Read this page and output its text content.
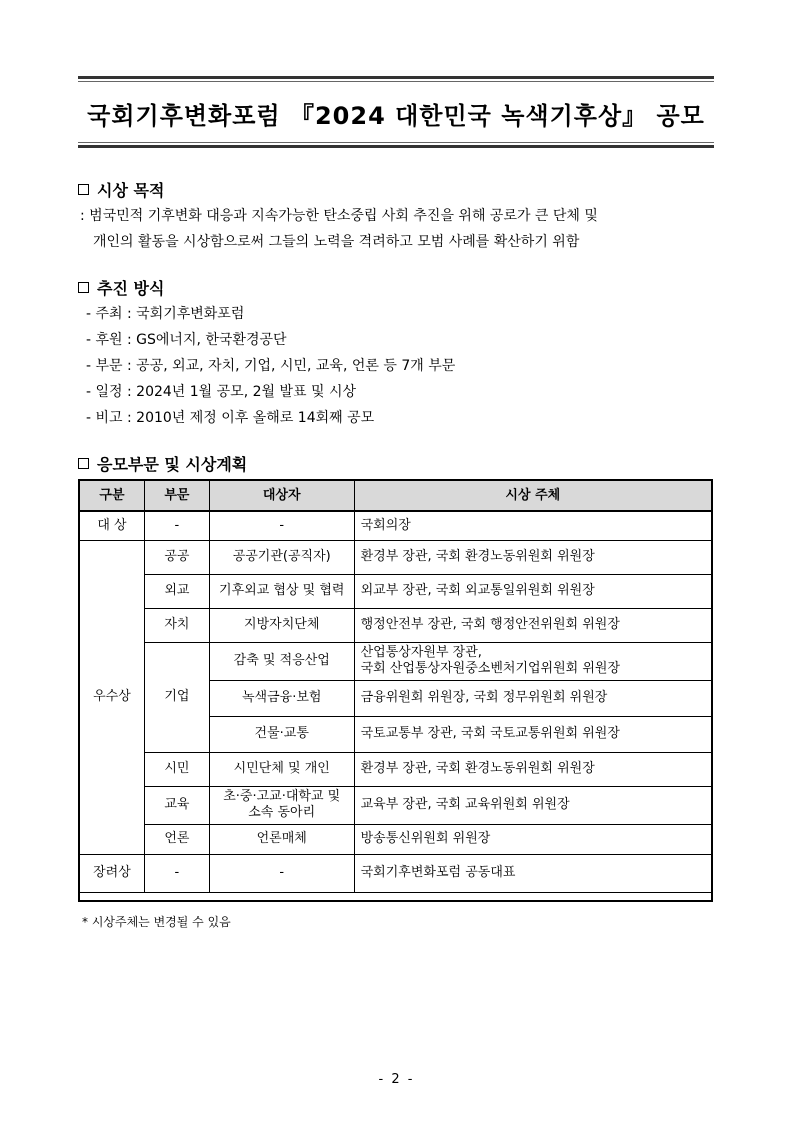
국회기후변화포럼 『2024 대한민국 녹색기후상』 공모
시상 목적
: 범국민적 기후변화 대응과 지속가능한 탄소중립 사회 추진을 위해 공로가 큰 단체 및
개인의 활동을 시상함으로써 그들의 노력을 격려하고 모범 사례를 확산하기 위함
추진 방식
- 주최 : 국회기후변화포럼
- 후원 : GS에너지, 한국환경공단
- 부문 : 공공, 외교, 자치, 기업, 시민, 교육, 언론 등 7개 부문
- 일정 : 2024년 1월 공모, 2월 발표 및 시상
- 비고 : 2010년 제정 이후 올해로 14회째 공모
응모부문 및 시상계획
구분	부문	대상자	시상 주체
대 상	-	-	국회의장
우수상	공공	공공기관(공직자)	환경부 장관, 국회 환경노동위원회 위원장
	외교	기후외교 협상 및 협력	외교부 장관, 국회 외교통일위원회 위원장
	자치	지방자치단체	행정안전부 장관, 국회 행정안전위원회 위원장
	기업	감축 및 적응산업	산업통상자원부 장관,
국회 산업통상자원중소벤처기업위원회 위원장

		녹색금융·보험	금융위원회 위원장, 국회 정무위원회 위원장
		건물·교통	국토교통부 장관, 국회 국토교통위원회 위원장
	시민	시민단체 및 개인	환경부 장관, 국회 환경노동위원회 위원장
	교육	초·중·고교·대학교 및
소속 동아리	교육부 장관, 국회 교육위원회 위원장
	언론	언론매체	방송통신위원회 위원장
장려상	-	-	국회기후변화포럼 공동대표
* 시상주체는 변경될 수 있음
- 2 -
